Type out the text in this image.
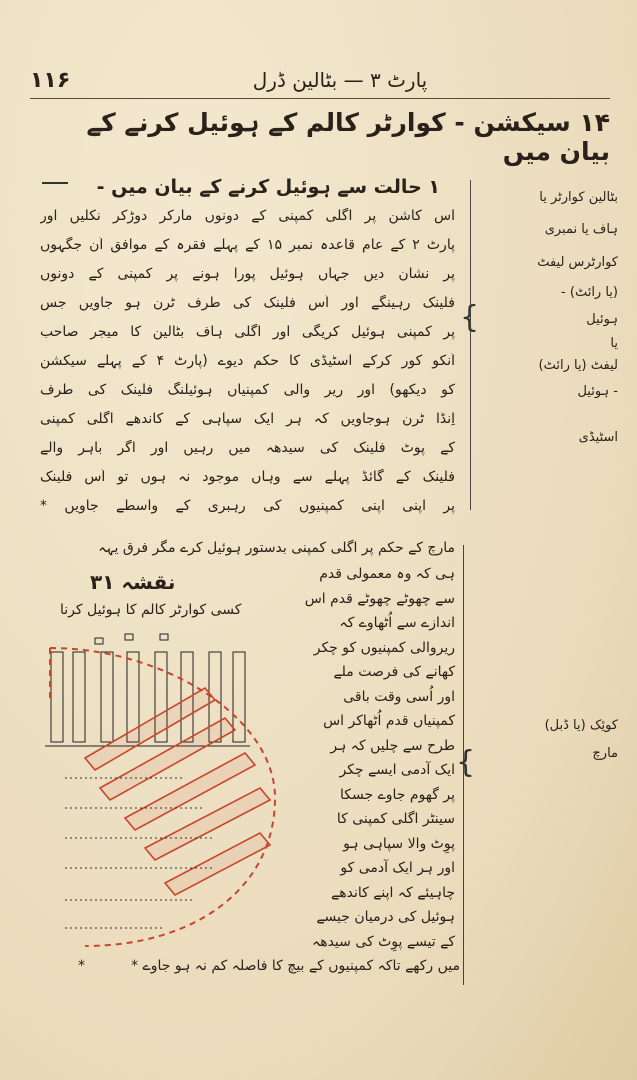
۱۱۶	پارٹ ۳ — بٹالین ڈرل
۱۴ سیکشن - کوارٹر کالم کے ہوئیل کرنے کے بیان میں
۱ حالت سے ہوئیل کرنے کے بیان میں -
اس کاشن پر اگلی کمپنی کے دونوں مارکر دوڑکر نکلیں اور
پارٹ ۲ کے عام قاعدہ نمبر ۱۵ کے پہلے فقرہ کے موافق اُن جگہوں
پر نشان دیں جہاں ہوئیل پورا ہونے پر کمپنی کے دونوں
فلینک رہینگے اور اُس فلینک کی طرف ٹرن ہو جاویں جس
پر کمپنی ہوئیل کریگی اور اگلی ہاف بٹالین کا میجر صاحب
اُنکو کور کرکے اسٹیڈی کا حکم دیوے (پارٹ ۴ کے پہلے سیکشن
کو دیکھو) اور ریرِ والی کمپنیاں ہوئیلنگ فلینک کی طرف
اِنڈا ٹرن ہوجاویں کہ ہر ایک سپاہی کے کاندھے اگلی کمپنی
کے پوِٹ فلینک کی سیدھہ میں رہیں اور اگر باہر والے
فلینک کے گائڈ پہلے سے وہاں موجود نہ ہوں تو اُس فلینک
پر اپنی اپنی کمپنیوں کی رہبری کے واسطے جاویں *
{
بٹالین کوارٹر یا
ہاف یا نمبری
کوارٹرس لیفٹ
(یا رائٹ) -
ہوئیل
یا
لیفٹ (یا رائٹ)
- ہوئیل
اسٹیڈی
مارچ کے حکم پر اگلی کمپنی بدستور ہوئیل کرے مگر فرق یہہ
ہی کہ وہ معمولی قدم
سے چھوٹے چھوٹے قدم اس
اندازے سے اُٹھاوے کہ
ریروالی کمپنیوں کو چکر
کھانے کی فرصت ملے
اور اُسی وقت باقی
کمپنیاں قدم اُٹھاکر اس
طرح سے چلیں کہ ہر
ایک آدمی ایسے چکر
پر گھوم جاوے جسکا
سینٹر اگلی کمپنی کا
پوِٹ والا سپاہی ہو
اور ہر ایک آدمی کو
چاہیئے کہ اپنے کاندھے
ہوئیل کی درمیان جیسے
کے تیسے پوِٹ کی سیدھہ
{
کوئِک (یا ڈبل)
مارچ
نقشہ ۳۱
کسی کوارٹر کالم کا ہوئیل کرنا
*	میں رکھے تاکہ کمپنیوں کے بیچ کا فاصلہ کم نہ ہو جاوے *
